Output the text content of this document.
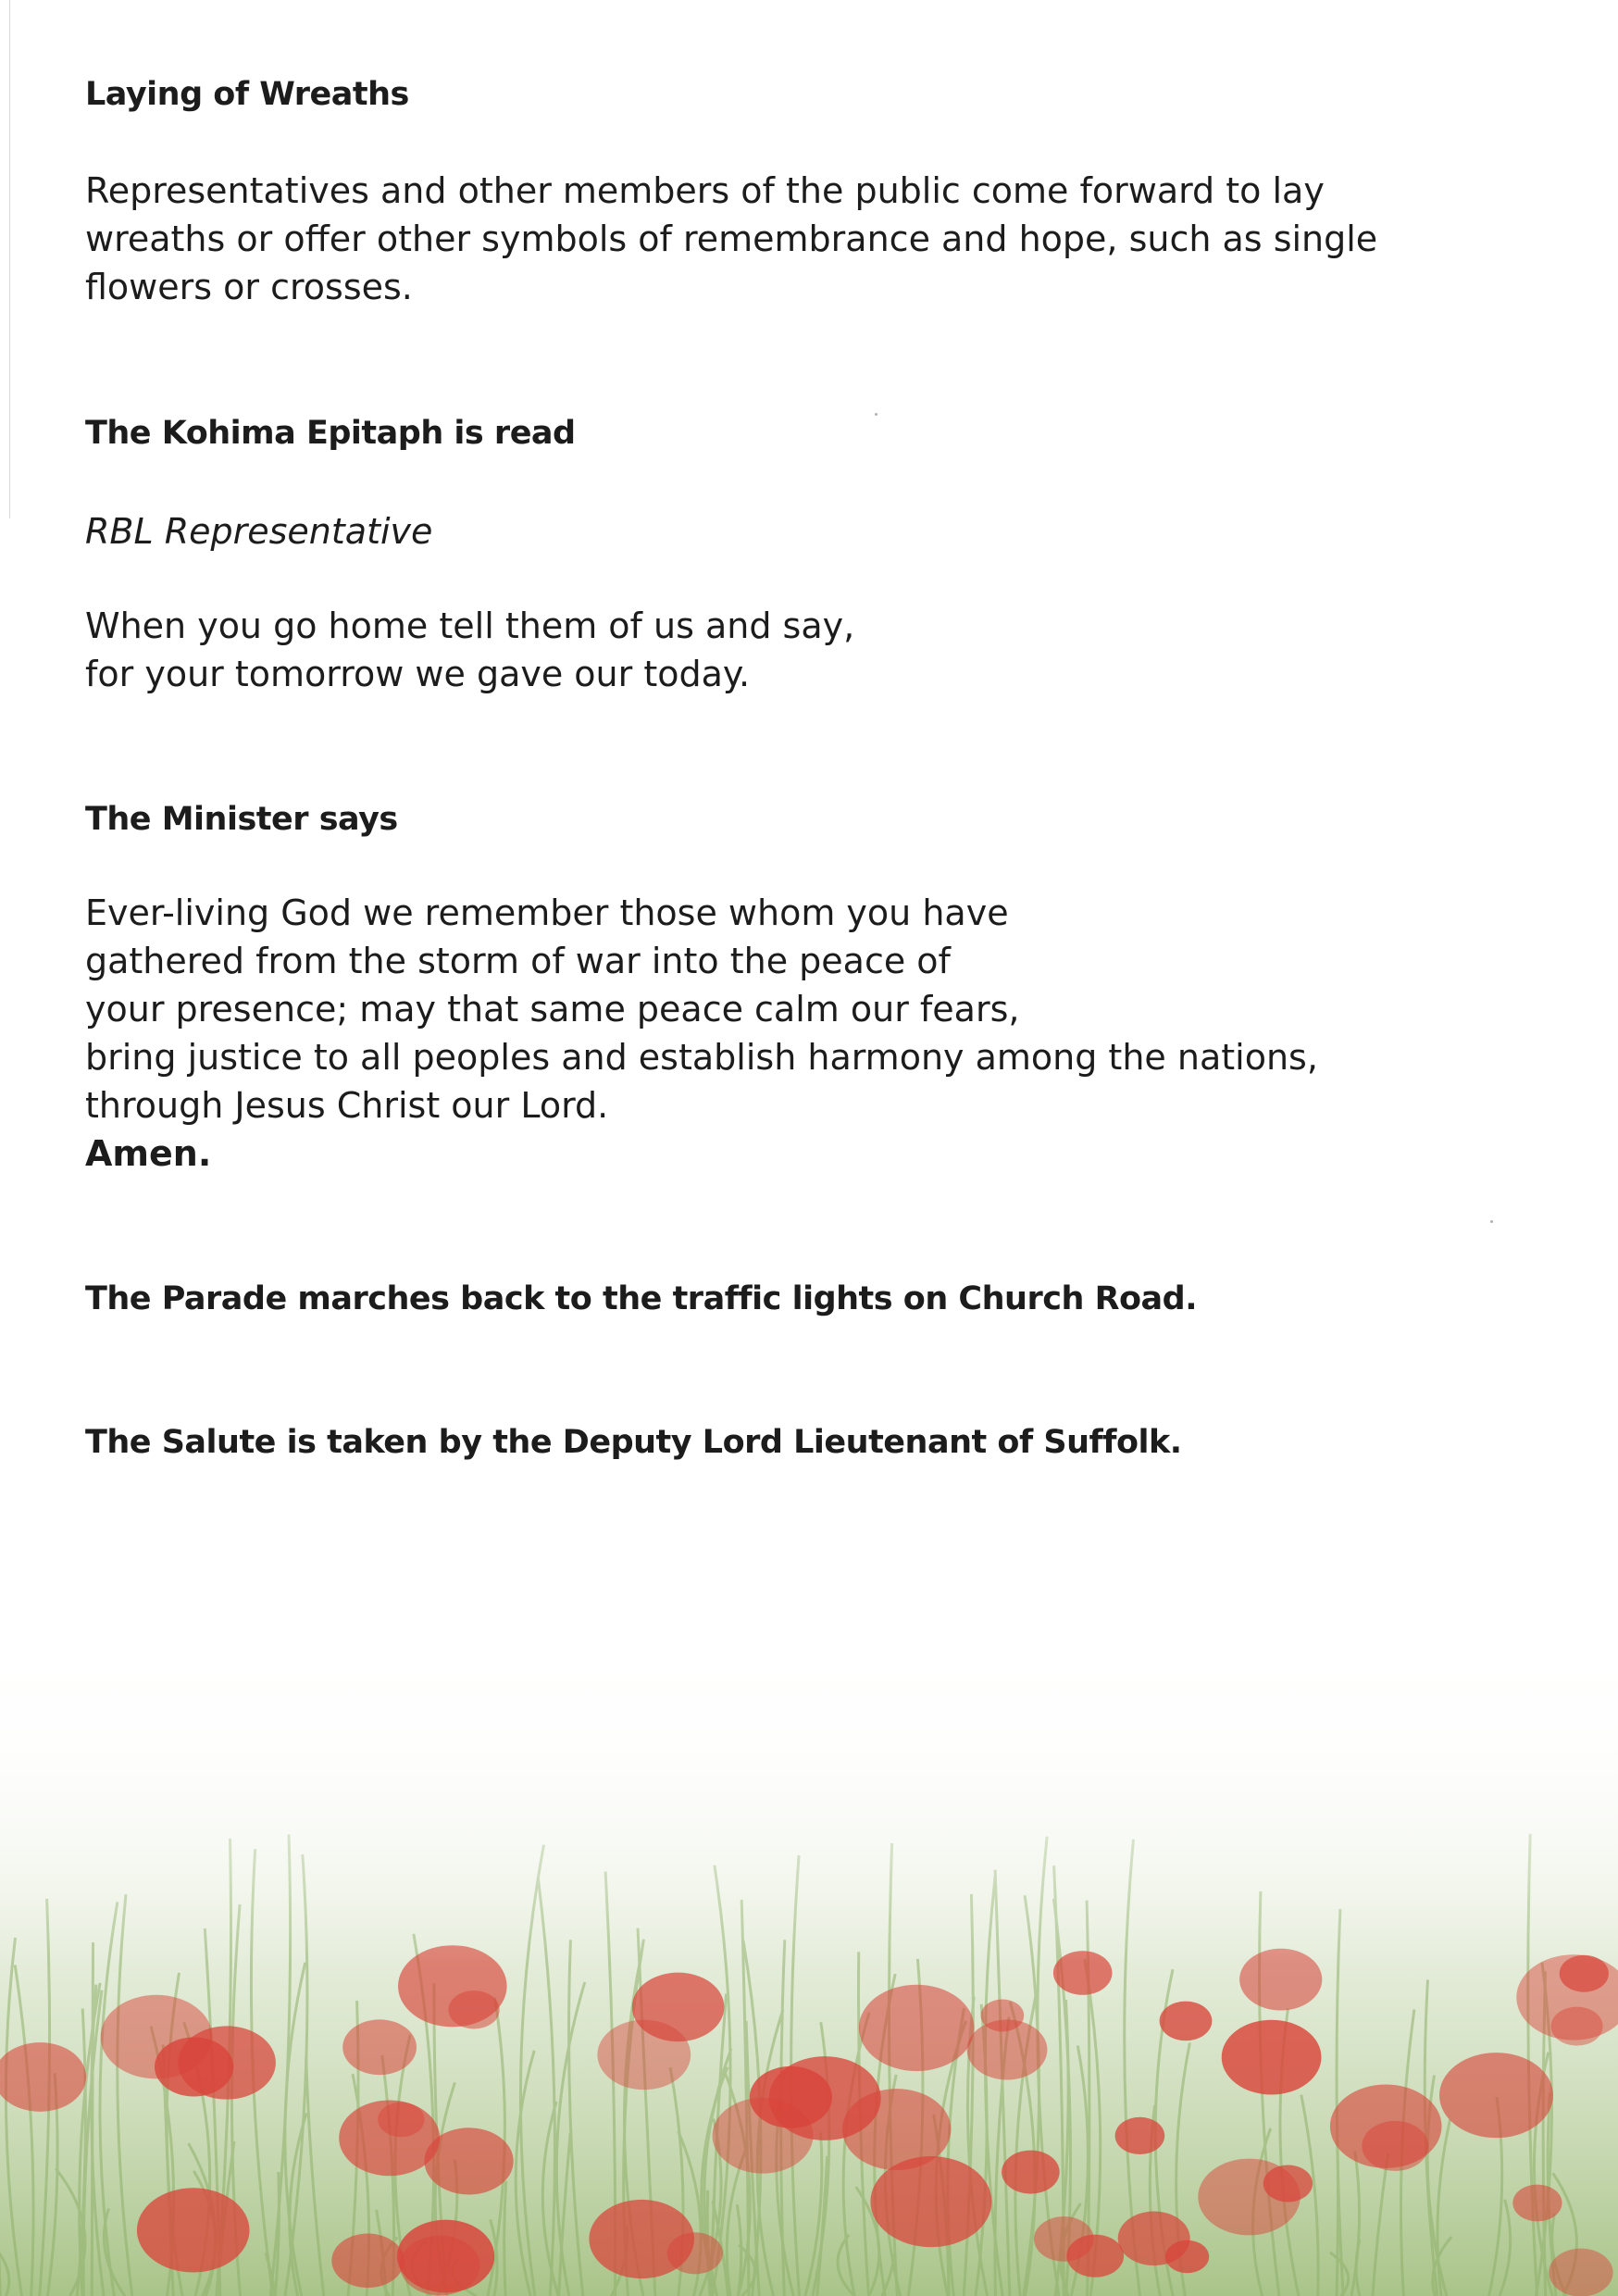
Laying of Wreaths
Representatives and other members of the public come forward to lay
wreaths or offer other symbols of remembrance and hope, such as single
flowers or crosses.
The Kohima Epitaph is read
RBL Representative
When you go home tell them of us and say,
for your tomorrow we gave our today.
The Minister says
Ever-living God we remember those whom you have
gathered from the storm of war into the peace of
your presence; may that same peace calm our fears,
bring justice to all peoples and establish harmony among the nations,
through Jesus Christ our Lord.
Amen.
The Parade marches back to the traffic lights on Church Road.
The Salute is taken by the Deputy Lord Lieutenant of Suffolk.
